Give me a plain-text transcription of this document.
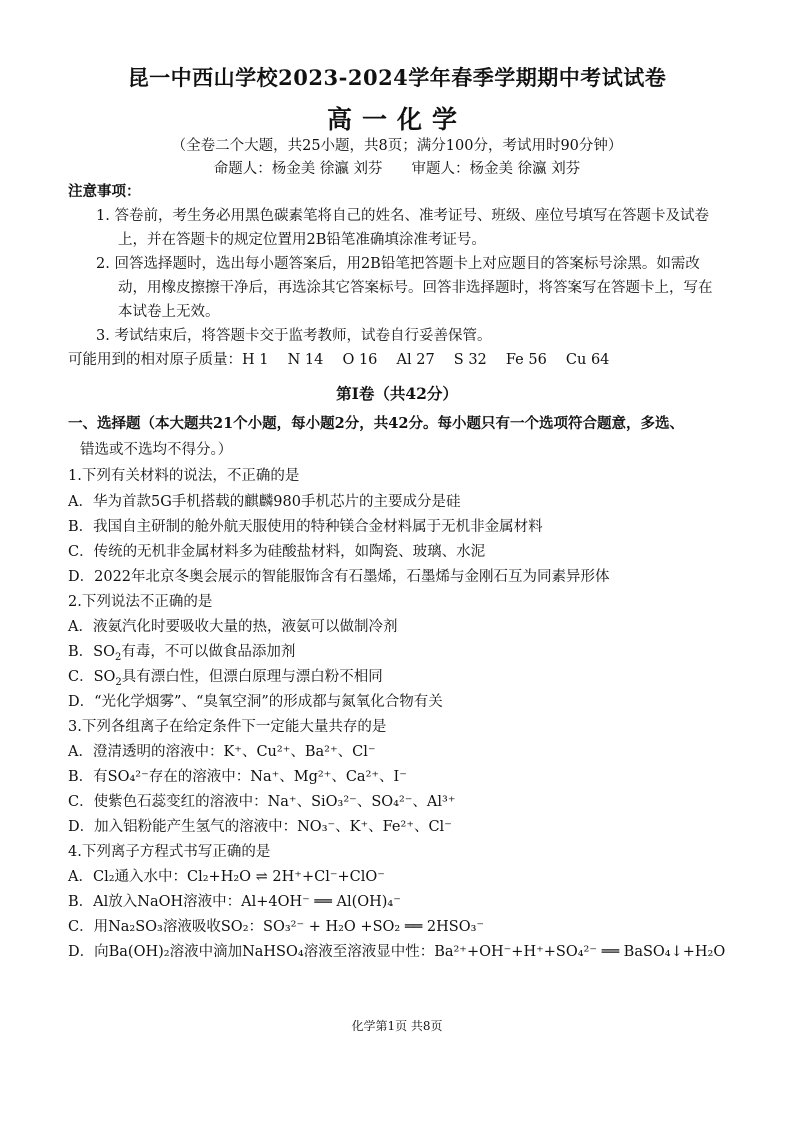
昆一中西山学校2023-2024学年春季学期期中考试试卷
高一化学
（全卷二个大题，共25小题，共8页；满分100分，考试用时90分钟）
命题人：杨金美 徐瀛 刘芬　　审题人：杨金美 徐瀛 刘芬
注意事项：
1. 答卷前，考生务必用黑色碳素笔将自己的姓名、准考证号、班级、座位号填写在答题卡及试卷
上，并在答题卡的规定位置用2B铅笔准确填涂准考证号。
2. 回答选择题时，选出每小题答案后，用2B铅笔把答题卡上对应题目的答案标号涂黑。如需改
动，用橡皮擦擦干净后，再选涂其它答案标号。回答非选择题时，将答案写在答题卡上，写在
本试卷上无效。
3. 考试结束后，将答题卡交于监考教师，试卷自行妥善保管。
可能用到的相对原子质量：H 1　 N 14　 O 16　 Al 27　 S 32　 Fe 56　 Cu 64
第Ⅰ卷（共42分）
一、选择题（本大题共21个小题，每小题2分，共42分。每小题只有一个选项符合题意，多选、
错选或不选均不得分。）
1.下列有关材料的说法，不正确的是
A．华为首款5G手机搭载的麒麟980手机芯片的主要成分是硅
B．我国自主研制的舱外航天服使用的特种镁合金材料属于无机非金属材料
C．传统的无机非金属材料多为硅酸盐材料，如陶瓷、玻璃、水泥
D．2022年北京冬奥会展示的智能服饰含有石墨烯，石墨烯与金刚石互为同素异形体
2.下列说法不正确的是
A．液氨汽化时要吸收大量的热，液氨可以做制冷剂
B．$SO_2$有毒，不可以做食品添加剂
C．$SO_2$具有漂白性，但漂白原理与漂白粉不相同
D．“光化学烟雾”、“臭氧空洞”的形成都与氮氧化合物有关
3.下列各组离子在给定条件下一定能大量共存的是
A．澄清透明的溶液中：K⁺、Cu²⁺、Ba²⁺、Cl⁻
B．有SO₄²⁻存在的溶液中：Na⁺、Mg²⁺、Ca²⁺、I⁻
C．使紫色石蕊变红的溶液中：Na⁺、SiO₃²⁻、SO₄²⁻、Al³⁺
D．加入铝粉能产生氢气的溶液中：NO₃⁻、K⁺、Fe²⁺、Cl⁻
4.下列离子方程式书写正确的是
A．Cl₂通入水中：Cl₂+H₂O ⇌ 2H⁺+Cl⁻+ClO⁻
B．Al放入NaOH溶液中：Al+4OH⁻ ══ Al(OH)₄⁻
C．用Na₂SO₃溶液吸收SO₂：SO₃²⁻ + H₂O +SO₂ ══ 2HSO₃⁻
D．向Ba(OH)₂溶液中滴加NaHSO₄溶液至溶液显中性：Ba²⁺+OH⁻+H⁺+SO₄²⁻ ══ BaSO₄↓+H₂O
化学第1页 共8页
